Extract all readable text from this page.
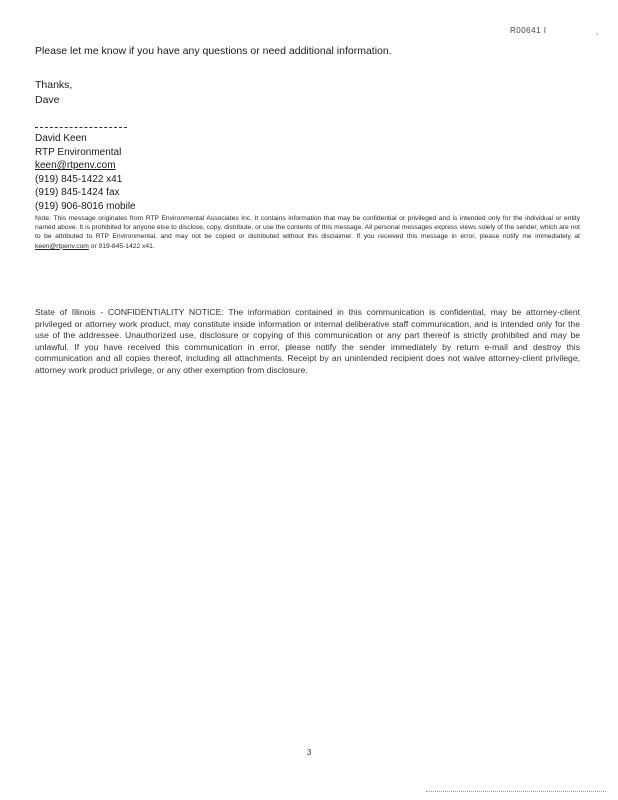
R00641 I	,
Please let me know if you have any questions or need additional information.
Thanks,
Dave
David Keen
RTP Environmental
keen@rtpenv.com
(919) 845-1422 x41
(919) 845-1424 fax
(919) 906-8016 mobile
Note: This message originates from RTP Environmental Associates Inc. It contains information that may be confidential or privileged and is intended only for the individual or entity named above. It is prohibited for anyone else to disclose, copy, distribute, or use the contents of this message. All personal messages express views solely of the sender, which are not to be attributed to RTP Environmental, and may not be copied or distributed without this disclaimer. If you received this message in error, please notify me immediately at keen@rtpenv.com or 919-845-1422 x41.
State of Illinois - CONFIDENTIALITY NOTICE: The information contained in this communication is confidential, may be attorney-client privileged or attorney work product, may constitute inside information or internal deliberative staff communication, and is intended only for the use of the addressee. Unauthorized use, disclosure or copying of this communication or any part thereof is strictly prohibited and may be unlawful. If you have received this communication in error, please notify the sender immediately by return e-mail and destroy this communication and all copies thereof, including all attachments. Receipt by an unintended recipient does not waive attorney-client privilege, attorney work product privilege, or any other exemption from disclosure.
3
